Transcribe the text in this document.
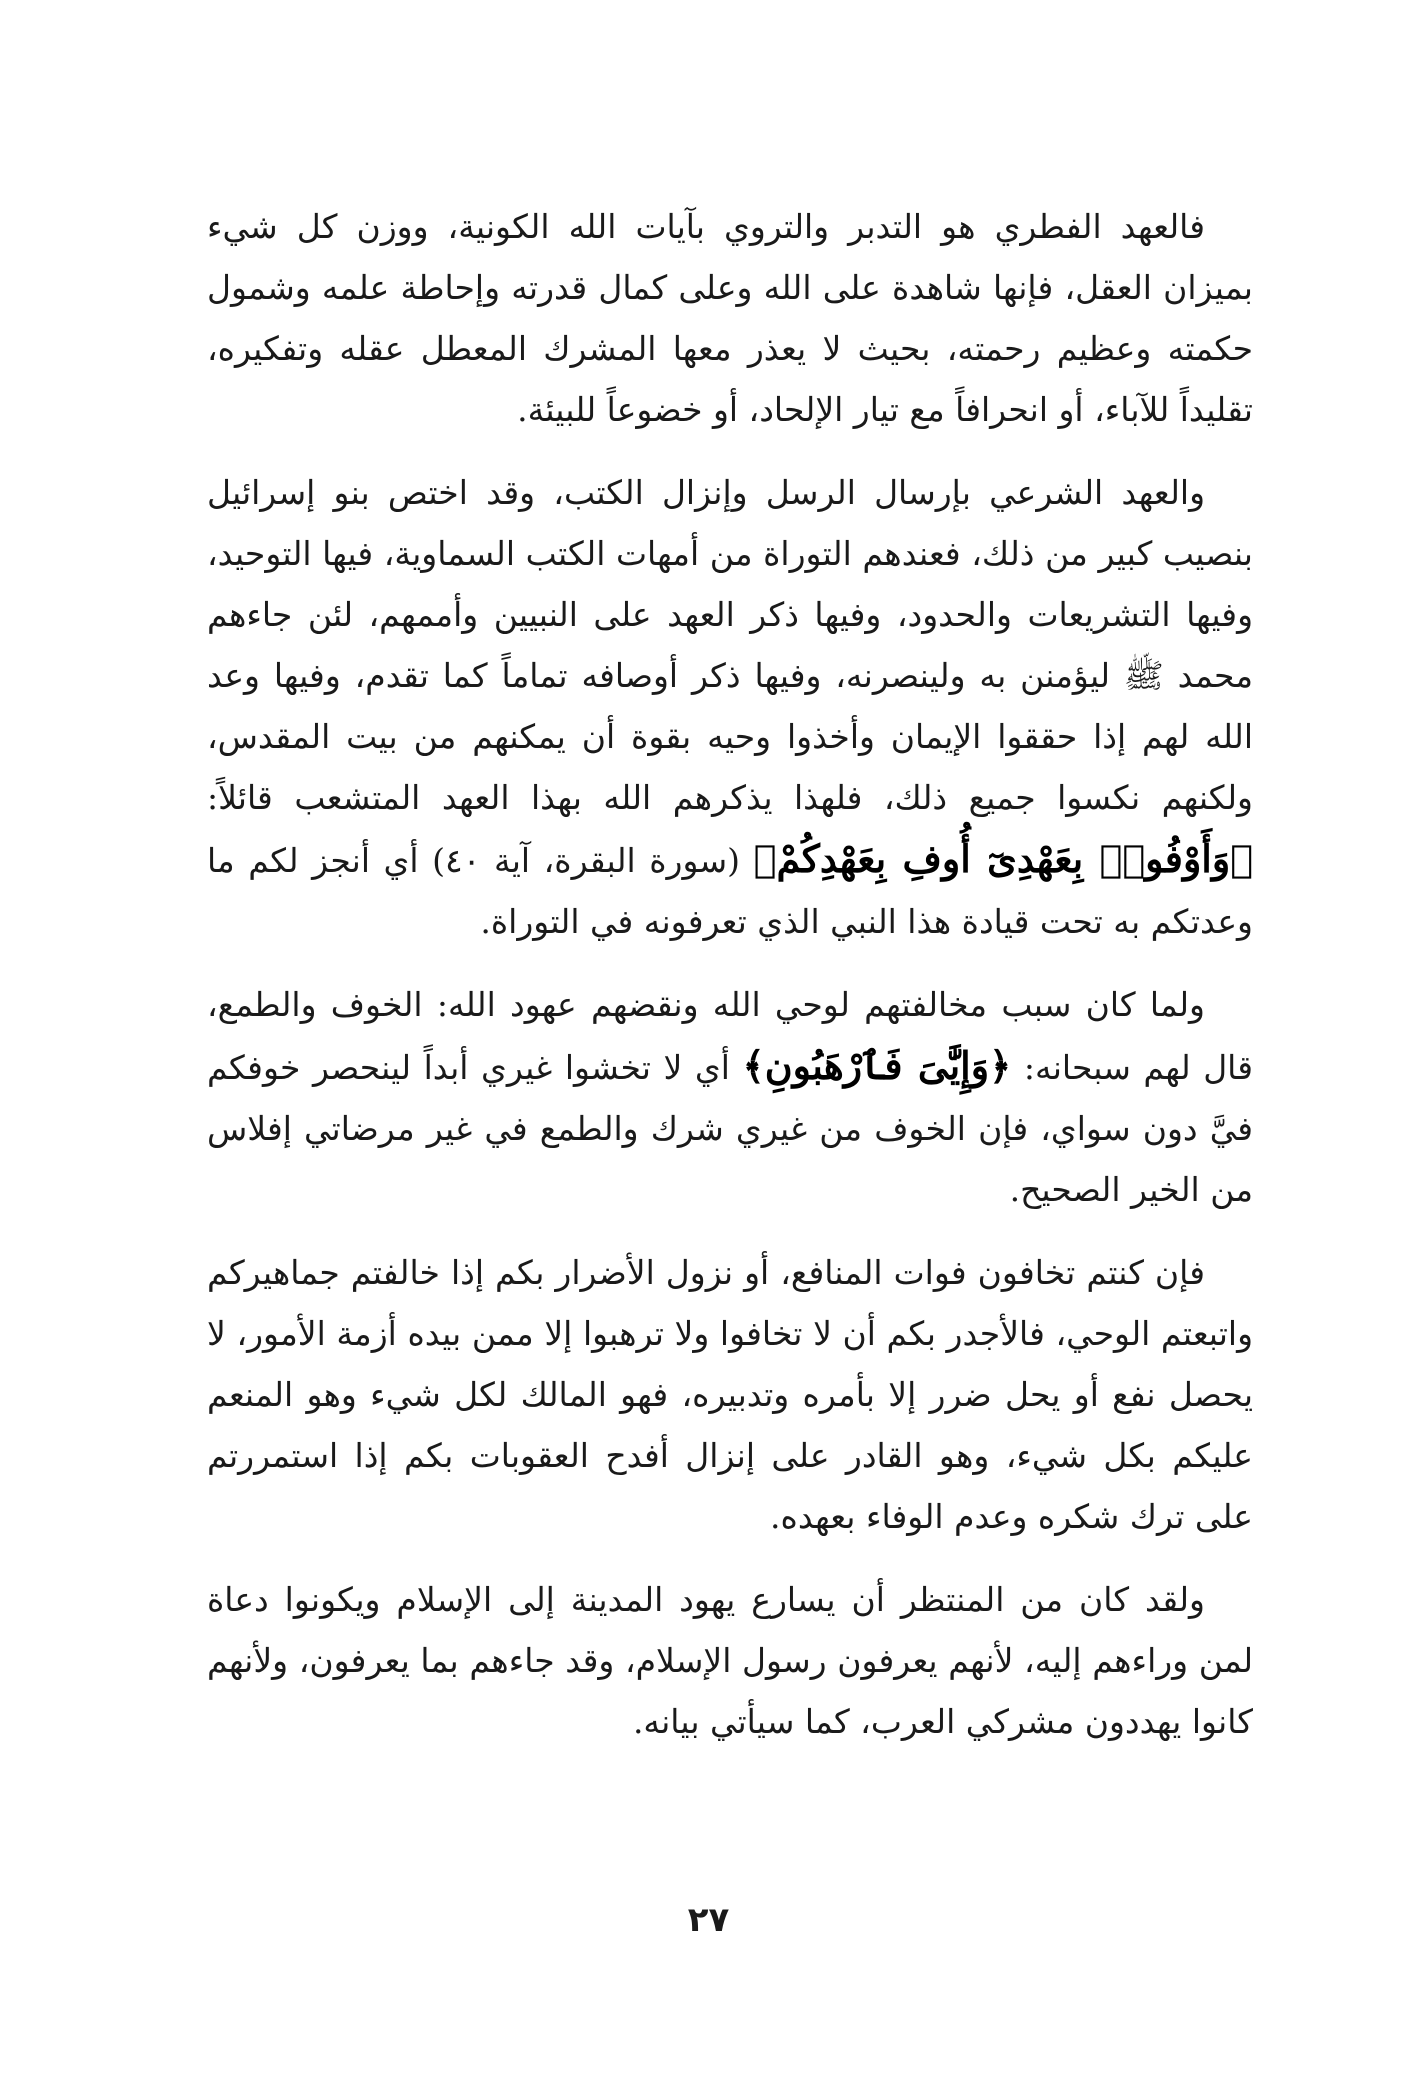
فالعهد الفطري هو التدبر والتروي بآيات الله الكونية، ووزن كل شيء بميزان العقل، فإنها شاهدة على الله وعلى كمال قدرته وإحاطة علمه وشمول حكمته وعظيم رحمته، بحيث لا يعذر معها المشرك المعطل عقله وتفكيره، تقليداً للآباء، أو انحرافاً مع تيار الإلحاد، أو خضوعاً للبيئة.

والعهد الشرعي بإرسال الرسل وإنزال الكتب، وقد اختص بنو إسرائيل بنصيب كبير من ذلك، فعندهم التوراة من أمهات الكتب السماوية، فيها التوحيد، وفيها التشريعات والحدود، وفيها ذكر العهد على النبيين وأممهم، لئن جاءهم محمد ﷺ ليؤمنن به ولينصرنه، وفيها ذكر أوصافه تماماً كما تقدم، وفيها وعد الله لهم إذا حققوا الإيمان وأخذوا وحيه بقوة أن يمكنهم من بيت المقدس، ولكنهم نكسوا جميع ذلك، فلهذا يذكرهم الله بهذا العهد المتشعب قائلاً: ﴿وَأَوْفُوا۟ بِعَهْدِىٓ أُوفِ بِعَهْدِكُمْ﴾ (سورة البقرة، آية ٤٠) أي أنجز لكم ما وعدتكم به تحت قيادة هذا النبي الذي تعرفونه في التوراة.

ولما كان سبب مخالفتهم لوحي الله ونقضهم عهود الله: الخوف والطمع، قال لهم سبحانه: ﴿وَإِيَّٰىَ فَٱرْهَبُونِ﴾ أي لا تخشوا غيري أبداً لينحصر خوفكم فيَّ دون سواي، فإن الخوف من غيري شرك والطمع في غير مرضاتي إفلاس من الخير الصحيح.

فإن كنتم تخافون فوات المنافع، أو نزول الأضرار بكم إذا خالفتم جماهيركم واتبعتم الوحي، فالأجدر بكم أن لا تخافوا ولا ترهبوا إلا ممن بيده أزمة الأمور، لا يحصل نفع أو يحل ضرر إلا بأمره وتدبيره، فهو المالك لكل شيء وهو المنعم عليكم بكل شيء، وهو القادر على إنزال أفدح العقوبات بكم إذا استمررتم على ترك شكره وعدم الوفاء بعهده.

ولقد كان من المنتظر أن يسارع يهود المدينة إلى الإسلام ويكونوا دعاة لمن وراءهم إليه، لأنهم يعرفون رسول الإسلام، وقد جاءهم بما يعرفون، ولأنهم كانوا يهددون مشركي العرب، كما سيأتي بيانه.

٢٧
